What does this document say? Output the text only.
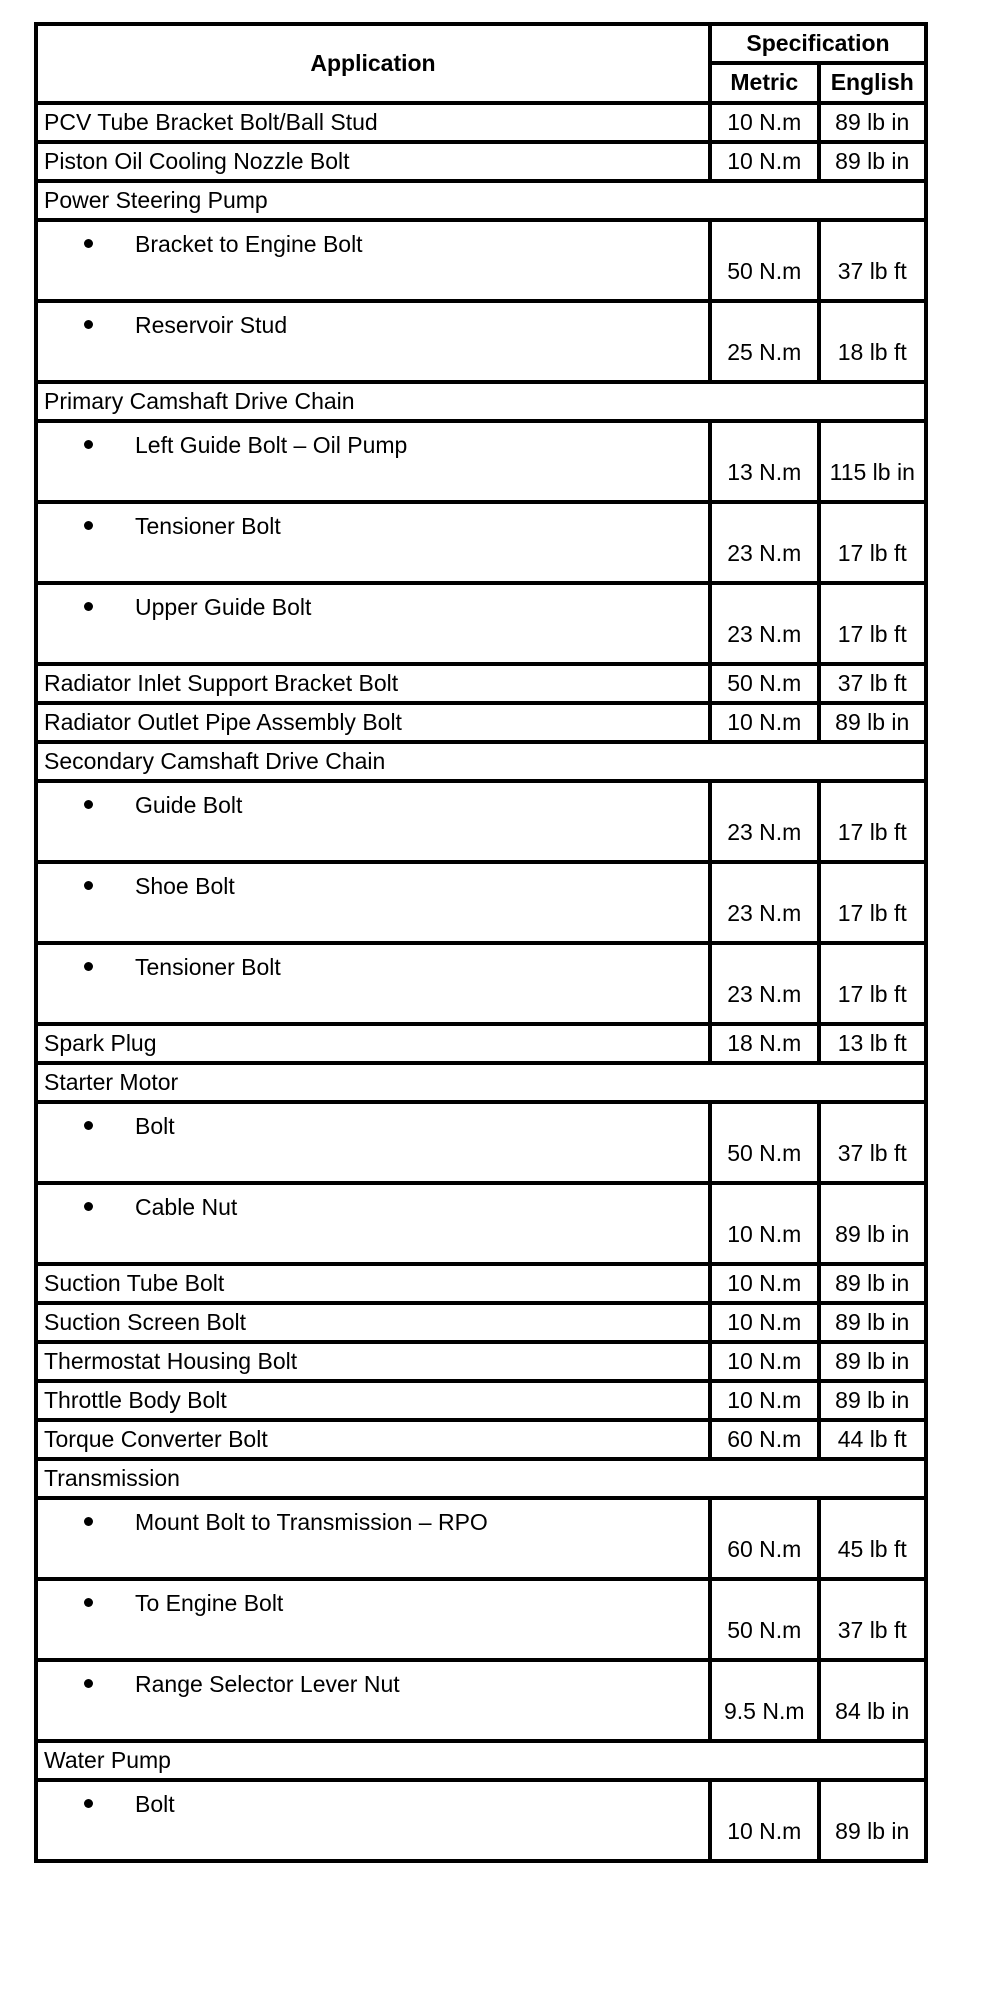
Application	Specification	
	Metric	English
PCV Tube Bracket Bolt/Ball Stud	10 N.m	89 lb in
Piston Oil Cooling Nozzle Bolt	10 N.m	89 lb in
Power Steering Pump		
Bracket to Engine Bolt	50 N.m	37 lb ft
Reservoir Stud	25 N.m	18 lb ft
Primary Camshaft Drive Chain		
Left Guide Bolt – Oil Pump	13 N.m	115 lb in
Tensioner Bolt	23 N.m	17 lb ft
Upper Guide Bolt	23 N.m	17 lb ft
Radiator Inlet Support Bracket Bolt	50 N.m	37 lb ft
Radiator Outlet Pipe Assembly Bolt	10 N.m	89 lb in
Secondary Camshaft Drive Chain		
Guide Bolt	23 N.m	17 lb ft
Shoe Bolt	23 N.m	17 lb ft
Tensioner Bolt	23 N.m	17 lb ft
Spark Plug	18 N.m	13 lb ft
Starter Motor		
Bolt	50 N.m	37 lb ft
Cable Nut	10 N.m	89 lb in
Suction Tube Bolt	10 N.m	89 lb in
Suction Screen Bolt	10 N.m	89 lb in
Thermostat Housing Bolt	10 N.m	89 lb in
Throttle Body Bolt	10 N.m	89 lb in
Torque Converter Bolt	60 N.m	44 lb ft
Transmission		
Mount Bolt to Transmission – RPO	60 N.m	45 lb ft
To Engine Bolt	50 N.m	37 lb ft
Range Selector Lever Nut	9.5 N.m	84 lb in
Water Pump		
Bolt	10 N.m	89 lb in
